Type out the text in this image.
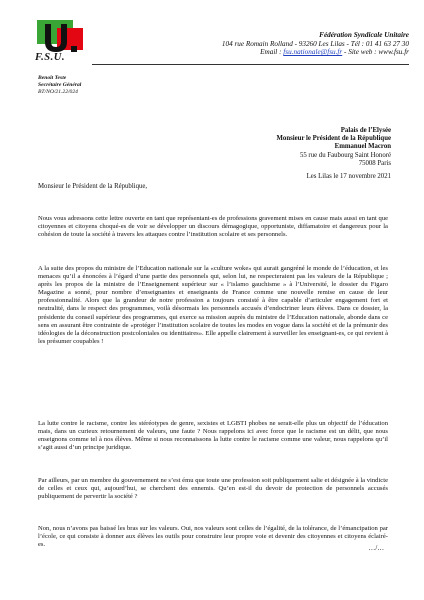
F.S.U.
Fédération Syndicale Unitaire
104 rue Romain Rolland - 93260 Les Lilas - Tél : 01 41 63 27 30
Email : fsu.nationale@fsu.fr - Site web : www.fsu.fr
Benoît Teste
Secrétaire Général
BT/NO/21.22/024
Palais de l’Elysée
Monsieur le Président de la République
Emmanuel Macron
55 rue du Faubourg Saint Honoré
75008 Paris
Les Lilas le 17 novembre 2021
Monsieur le Président de la République,

Nous vous adressons cette lettre ouverte en tant que représentant-es de professions gravement mises en cause mais aussi en tant que citoyennes et citoyens choqué-es de voir se développer un discours démagogique, opportuniste, diffamatoire et dangereux pour la cohésion de toute la société à travers les attaques contre l’institution scolaire et ses personnels.

A la suite des propos du ministre de l’Education nationale sur la «culture woke» qui aurait gangréné le monde de l’éducation, et les menaces qu’il a énoncées à l’égard d’une partie des personnels qui, selon lui, ne respecteraient pas les valeurs de la République ; après les propos de la ministre de l’Enseignement supérieur sur « l’islamo gauchisme » à l’Université, le dossier du Figaro Magazine a sonné, pour nombre d’enseignantes et enseignants de France comme une nouvelle remise en cause de leur professionnalité. Alors que la grandeur de notre profession a toujours consisté à être capable d’articuler engagement fort et neutralité, dans le respect des programmes, voilà désormais les personnels accusés d’endoctriner leurs élèves. Dans ce dossier, la présidente du conseil supérieur des programmes, qui exerce sa mission auprès du ministre de l’Education nationale, abonde dans ce sens en assurant être contrainte de «protéger l’institution scolaire de toutes les modes en vogue dans la société et de la prémunir des idéologies de la déconstruction postcoloniales ou identitaires». Elle appelle clairement à surveiller les enseignant-es, ce qui revient à les présumer coupables !

La lutte contre le racisme, contre les stéréotypes de genre, sexistes et LGBTI phobes ne serait-elle plus un objectif de l’éducation mais, dans un curieux retournement de valeurs, une faute ? Nous rappelons ici avec force que le racisme est un délit, que nous enseignons comme tel à nos élèves. Même si nous reconnaissons la lutte contre le racisme comme une valeur, nous rappelons qu’il s’agit aussi d’un principe juridique.

Par ailleurs, par un membre du gouvernement ne s’est ému que toute une profession soit publiquement salie et désignée à la vindicte de celles et ceux qui, aujourd’hui, se cherchent des ennemis. Qu’en est-il du devoir de protection de personnels accusés publiquement de pervertir la société ?

Non, nous n’avons pas baissé les bras sur les valeurs. Oui, nos valeurs sont celles de l’égalité, de la tolérance, de l’émancipation par l’école, ce qui consiste à donner aux élèves les outils pour construire leur propre voie et devenir des citoyennes et citoyens éclairé-es.

…/…
